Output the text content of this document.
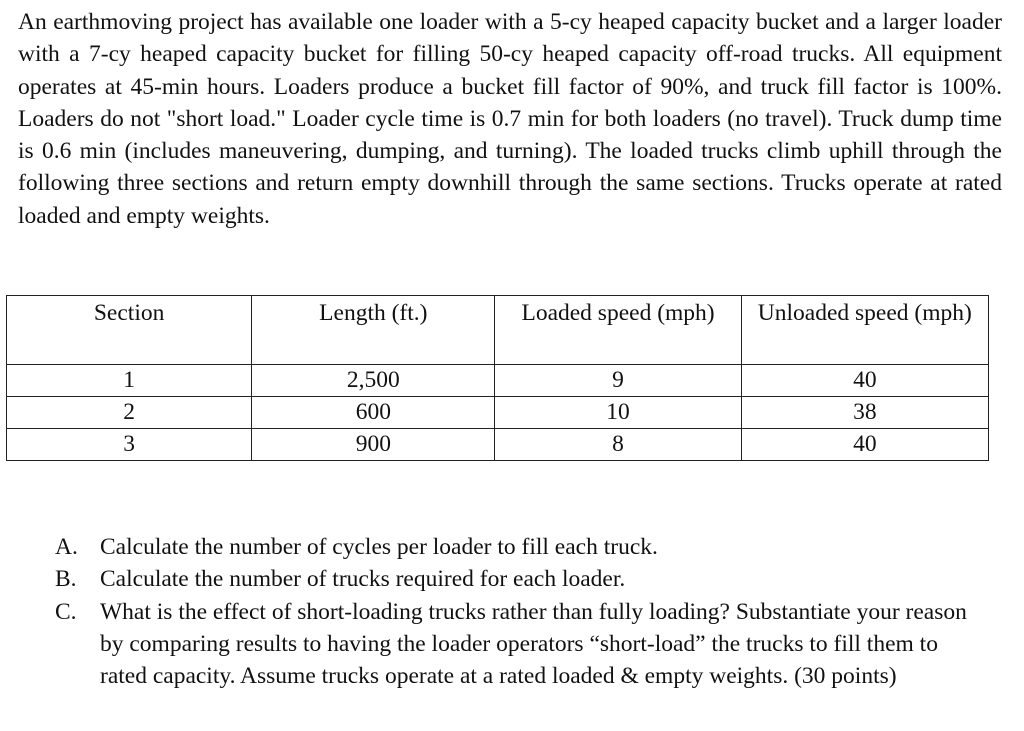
An earthmoving project has available one loader with a 5-cy heaped capacity bucket and a larger loader with a 7-cy heaped capacity bucket for filling 50-cy heaped capacity off-road trucks. All equipment operates at 45-min hours. Loaders produce a bucket fill factor of 90%, and truck fill factor is 100%. Loaders do not "short load." Loader cycle time is 0.7 min for both loaders (no travel). Truck dump time is 0.6 min (includes maneuvering, dumping, and turning). The loaded trucks climb uphill through the following three sections and return empty downhill through the same sections. Trucks operate at rated loaded and empty weights.

Section	Length (ft.)	Loaded speed (mph)	Unloaded speed (mph)
1	2,500	9	40
2	600	10	38
3	900	8	40
A. Calculate the number of cycles per loader to fill each truck.
B. Calculate the number of trucks required for each loader.
C. What is the effect of short-loading trucks rather than fully loading? Substantiate your reason by comparing results to having the loader operators “short-load” the trucks to fill them to rated capacity. Assume trucks operate at a rated loaded & empty weights. (30 points)
